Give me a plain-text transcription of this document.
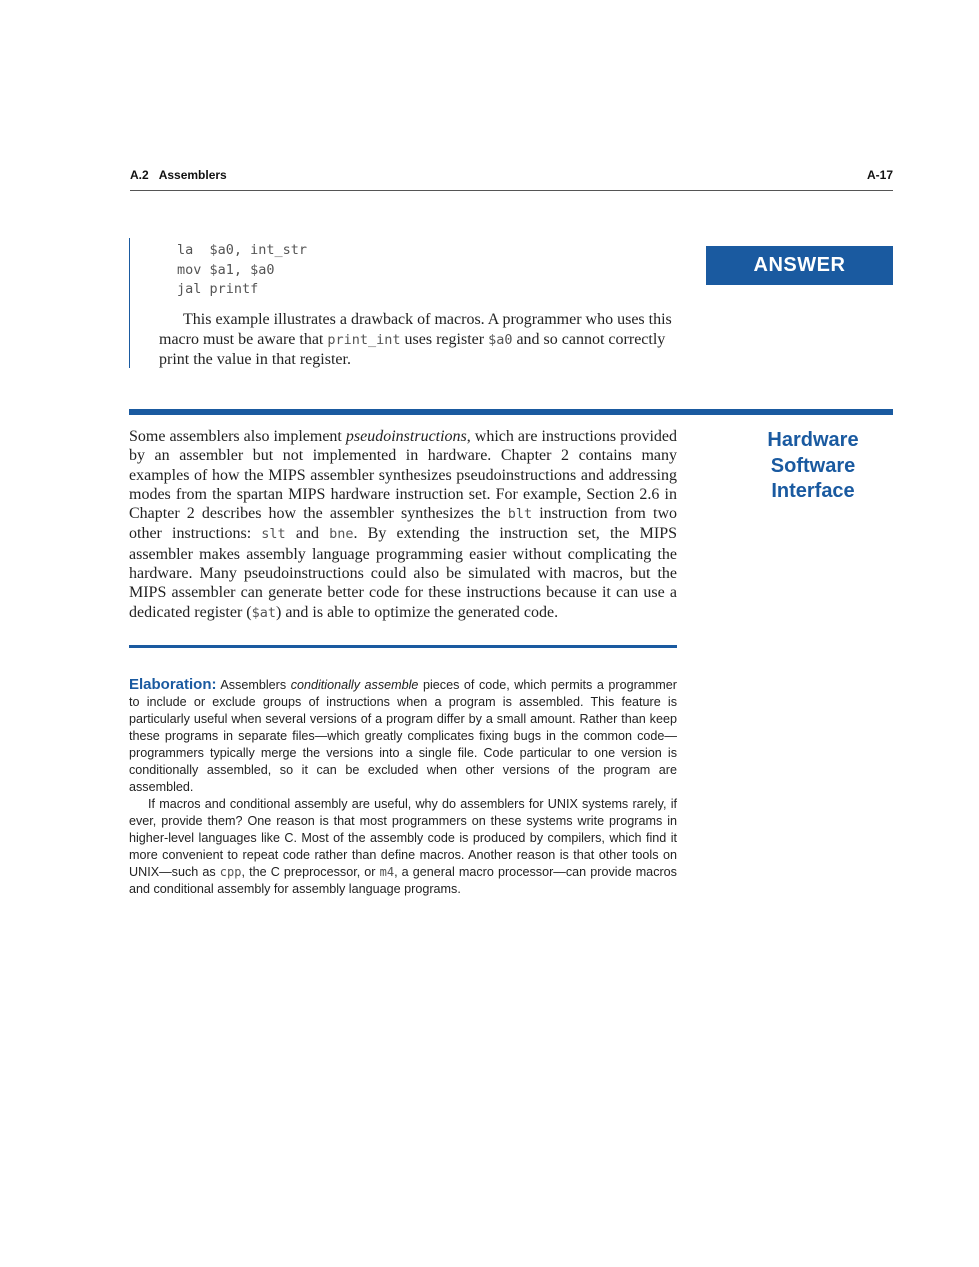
A.2 Assemblers	A-17
la  $a0, int_str
mov $a1, $a0
jal printf
This example illustrates a drawback of macros. A programmer who uses this macro must be aware that print_int uses register $a0 and so cannot correctly print the value in that register.
ANSWER
Some assemblers also implement pseudoinstructions, which are instructions provided by an assembler but not implemented in hardware. Chapter 2 contains many examples of how the MIPS assembler synthesizes pseudoinstructions and addressing modes from the spartan MIPS hardware instruction set. For example, Section 2.6 in Chapter 2 describes how the assembler synthesizes the blt instruction from two other instructions: slt and bne. By extending the instruction set, the MIPS assembler makes assembly language programming easier without complicating the hardware. Many pseudoinstructions could also be simulated with macros, but the MIPS assembler can generate better code for these instructions because it can use a dedicated register ($at) and is able to optimize the generated code.
Hardware
Software
Interface

Elaboration: Assemblers conditionally assemble pieces of code, which permits a programmer to include or exclude groups of instructions when a program is assembled. This feature is particularly useful when several versions of a program differ by a small amount. Rather than keep these programs in separate files—which greatly complicates fixing bugs in the common code—programmers typically merge the versions into a single file. Code particular to one version is conditionally assembled, so it can be excluded when other versions of the program are assembled.

If macros and conditional assembly are useful, why do assemblers for UNIX systems rarely, if ever, provide them? One reason is that most programmers on these systems write programs in higher-level languages like C. Most of the assembly code is produced by compilers, which find it more convenient to repeat code rather than define macros. Another reason is that other tools on UNIX—such as cpp, the C preprocessor, or m4, a general macro processor—can provide macros and conditional assembly for assembly language programs.
